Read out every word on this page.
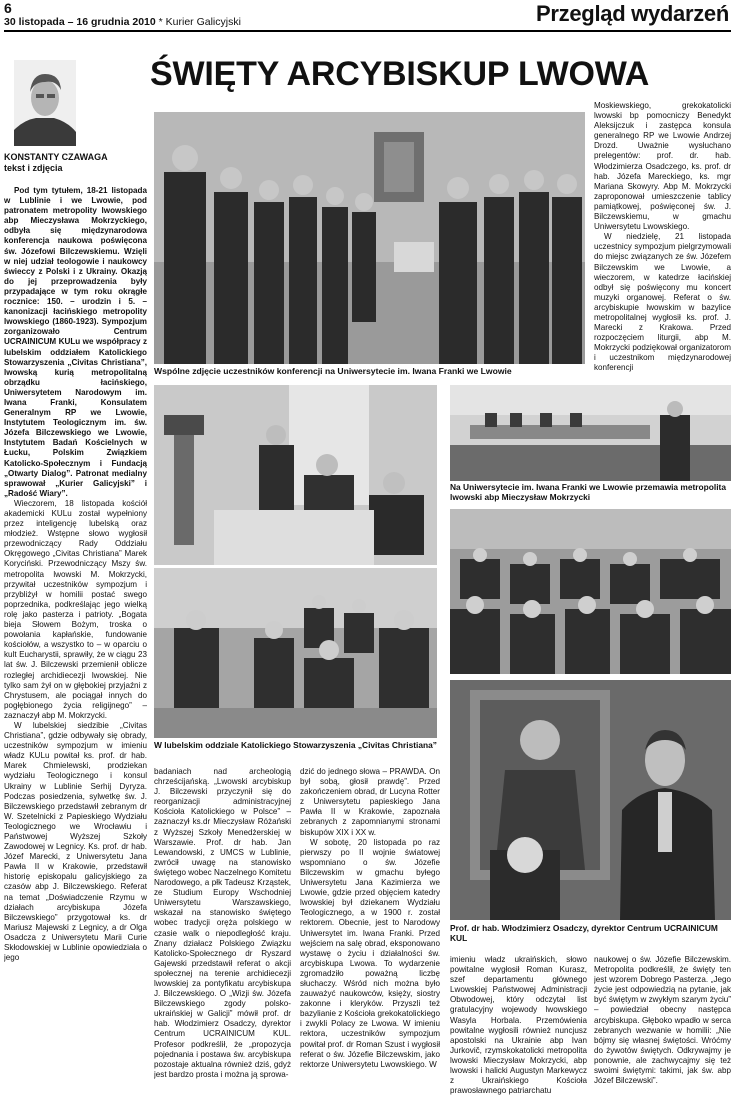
6
30 listopada – 16 grudnia 2010 * Kurier Galicyjski	Przegląd wydarzeń
ŚWIĘTY ARCYBISKUP LWOWA
KONSTANTY CZAWAGA
tekst i zdjęcia

Pod tym tytułem, 18-21 listopada w Lublinie i we Lwowie, pod patronatem metropolity lwowskiego abp Mieczysława Mokrzyckiego, odbyła się międzynarodowa konferencja naukowa poświęcona św. Józefowi Bilczewskiemu. Wzięli w niej udział teologowie i naukowcy świeccy z Polski i z Ukrainy. Okazją do jej przeprowadzenia były przypadające w tym roku okrągłe rocznice: 150. – urodzin i 5. – kanonizacji łacińskiego metropolity lwowskiego (1860-1923). Sympozjum zorganizowało Centrum UCRAINICUM KULu we współpracy z lubelskim oddziałem Katolickiego Stowarzyszenia „Civitas Christiana”, lwowską kurią metropolitalną obrządku łacińskiego, Uniwersytetem Narodowym im. Iwana Franki, Konsulatem Generalnym RP we Lwowie, Instytutem Teologicznym im. św. Józefa Bilczewskiego we Lwowie, Instytutem Badań Kościelnych w Łucku, Polskim Związkiem Katolicko-Społecznym i Fundacją „Otwarty Dialog”. Patronat medialny sprawował „Kurier Galicyjski” i „Radość Wiary”.

Wieczorem, 18 listopada kościół akademicki KULu został wypełniony przez inteligencję lubelską oraz młodzież. Wstępne słowo wygłosił przewodniczący Rady Oddziału Okręgowego „Civitas Christiana” Marek Koryciński. Przewodniczący Mszy św. metropolita lwowski M. Mokrzycki, przywitał uczestników sympozjum i przybliżył w homilii postać swego poprzednika, podkreślając jego wielką rolę jako pasterza i patrioty. „Bogata bieja Słowem Bożym, troska o powołania kapłańskie, fundowanie kościołów, a wszystko to – w oparciu o kult Eucharystii, sprawiły, że w ciągu 23 lat św. J. Bilczewski przemienił oblicze rozległej archidiecezji lwowskiej. Nie tylko sam żył on w głębokiej przyjaźni z Chrystusem, ale pociągał innych do pogłębionego życia religijnego” – zaznaczył abp M. Mokrzycki.

W lubelskiej siedzibie „Civitas Christiana”, gdzie odbywały się obrady, uczestników sympozjum w imieniu władz KULu powitał ks. prof. dr hab. Marek Chmielewski, prodziekan wydziału Teologicznego i konsul Ukrainy w Lublinie Serhij Dyryza. Podczas posiedzenia, sylwetkę św. J. Bilczewskiego przedstawił zebranym dr W. Szetelnicki z Papieskiego Wydziału Teologicznego we Wrocławiu i Państwowej Wyższej Szkoły Zawodowej w Legnicy. Ks. prof. dr hab. Józef Marecki, z Uniwersytetu Jana Pawła II w Krakowie, przedstawił historię episkopalu galicyjskiego za czasów abp J. Bilczewskiego. Referat na temat „Doświadczenie Rzymu w działach arcybiskupa Józefa Bilczewskiego” przygotował ks. dr Mariusz Majewski z Legnicy, a dr Olga Osadcza z Uniwersytetu Marii Curie Skłodowskiej w Lublinie opowiedziała o jego

Wspólne zdjęcie uczestników konferencji na Uniwersytecie im. Iwana Franki we Lwowie

Moskiewskiego, grekokatolicki lwowski bp pomocniczy Benedykt Aleksijczuk i zastępca konsula generalnego RP we Lwowie Andrzej Drozd. Uważnie wysłuchano prelegentów: prof. dr. hab. Włodzimierza Osadczego, ks. prof. dr hab. Józefa Mareckiego, ks. mgr Mariana Skowyry. Abp M. Mokrzycki zaproponował umieszczenie tablicy pamiątkowej, poświęconej św. J. Bilczewskiemu, w gmachu Uniwersytetu Lwowskiego.

W niedzielę, 21 listopada uczestnicy sympozjum pielgrzymowali do miejsc związanych ze św. Józefem Bilczewskim we Lwowie, a wieczorem, w katedrze łacińskiej odbył się poświęcony mu koncert muzyki organowej. Referat o św. arcybiskupie lwowskim w bazylice metropolitalnej wygłosił ks. prof. J. Marecki z Krakowa. Przed rozpoczęciem liturgii, abp M. Mokrzycki podziękował organizatorom i uczestnikom międzynarodowej konferencji

Na Uniwersytecie im. Iwana Franki we Lwowie przemawia metropolita lwowski abp Mieczysław Mokrzycki
W lubelskim oddziale Katolickiego Stowarzyszenia „Civitas Christiana”
Prof. dr hab. Włodzimierz Osadczy, dyrektor Centrum UCRAINICUM KUL

badaniach nad archeologią chrześcijańską. „Lwowski arcybiskup J. Bilczewski przyczynił się do reorganizacji administracyjnej Kościoła Katolickiego w Polsce” – zaznaczył ks.dr Mieczysław Różański z Wyższej Szkoły Menedżerskiej w Warszawie. Prof. dr hab. Jan Lewandowski, z UMCS w Lublinie, zwrócił uwagę na stanowisko świętego wobec Naczelnego Komitetu Narodowego, a płk Tadeusz Krząstek, ze Studium Europy Wschodniej Uniwersytetu Warszawskiego, wskazał na stanowisko świętego wobec tradycji oręża polskiego w czasie walk o niepodległość kraju. Znany działacz Polskiego Związku Katolicko-Społecznego dr Ryszard Gajewski przedstawił referat o akcji społecznej na terenie archidiecezji lwowskiej za pontyfikatu arcybiskupa J. Bilczewskiego. O „Wizji św. Józefa Bilczewskiego zgody polsko-ukraińskiej w Galicji” mówił prof. dr hab. Włodzimierz Osadczy, dyrektor Centrum UCRAINICUM KUL. Profesor podkreślił, że „propozycja pojednania i postawa św. arcybiskupa pozostaje aktualna również dziś, gdyż jest bardzo prosta i można ją sprowa-

dzić do jednego słowa – PRAWDA. On był sobą, głosił prawdę”. Przed zakończeniem obrad, dr Lucyna Rotter z Uniwersytetu papieskiego Jana Pawła II w Krakowie, zapoznała zebranych z zapomnianymi stronami biskupów XIX i XX w.

W sobotę, 20 listopada po raz pierwszy po II wojnie światowej wspomniano o św. Józefie Bilczewskim w gmachu byłego Uniwersytetu Jana Kazimierza we Lwowie, gdzie przed objęciem katedry lwowskiej był dziekanem Wydziału Teologicznego, a w 1900 r. został rektorem. Obecnie, jest to Narodowy Uniwersytet im. Iwana Franki. Przed wejściem na salę obrad, eksponowano wystawę o życiu i działalności św. arcybiskupa Lwowa. To wydarzenie zgromadziło poważną liczbę słuchaczy. Wśród nich można było zauważyć naukowców, księży, siostry zakonne i kleryków. Przyszli też bazylianie z Kościoła grekokatolickiego i zwykli Polacy ze Lwowa. W imieniu rektora, uczestników sympozjum powitał prof. dr Roman Szust i wygłosił referat o św. Józefie Bilczewskim, jako rektorze Uniwersytetu Lwowskiego. W

imieniu władz ukraińskich, słowo powitalne wygłosił Roman Kurasz, szef departamentu głównego Lwowskiej Państwowej Administracji Obwodowej, który odczytał list gratulacyjny wojewody lwowskiego Wasyla Horbala. Przemówienia powitalne wygłosili również nuncjusz apostolski na Ukrainie abp Ivan Jurkovič, rzymskokatolicki metropolita lwowski Mieczysław Mokrzycki, abp lwowski i halicki Augustyn Markewycz z Ukraińskiego Kościoła prawosławnego patriarchatu

naukowej o św. Józefie Bilczewskim. Metropolita podkreślił, że święty ten jest wzorem Dobrego Pasterza. „Jego życie jest odpowiedzią na pytanie, jak być świętym w zwykłym szarym życiu” – powiedział obecny następca arcybiskupa. Głęboko wpadło w serca zebranych wezwanie w homilii: „Nie bójmy się własnej świętości. Wróćmy do żywotów świętych. Odkrywajmy je ponownie, ale zachwycajmy się też swoimi świętymi: takimi, jak św. abp Józef Bilczewski”.
